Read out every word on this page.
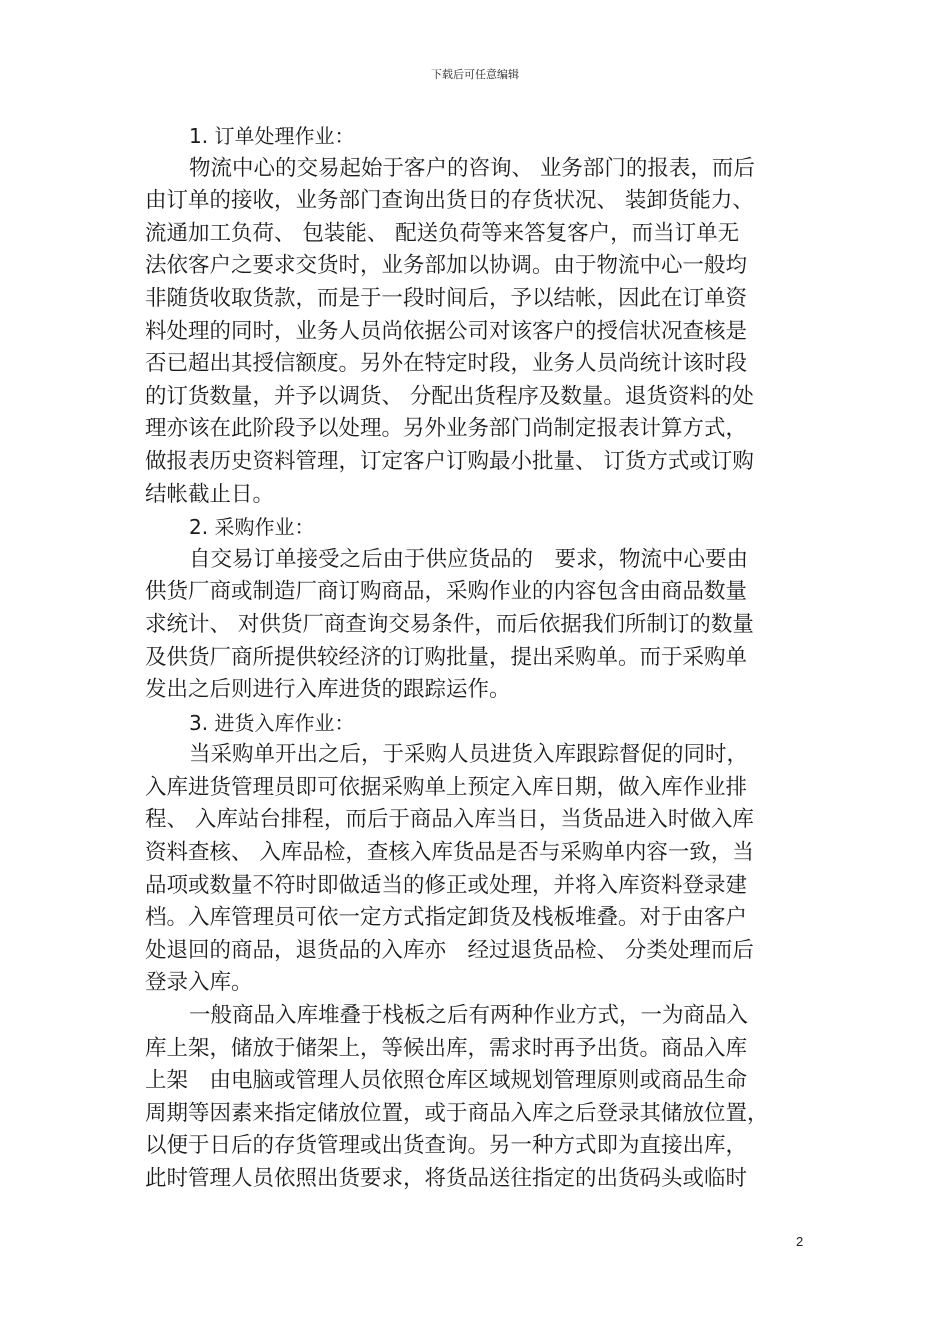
下载后可任意编辑
1. 订单处理作业：
物流中心的交易起始于客户的咨询、 业务部门的报表，而后
由订单的接收，业务部门查询出货日的存货状况、 装卸货能力、
流通加工负荷、 包装能、 配送负荷等来答复客户，而当订单无
法依客户之要求交货时，业务部加以协调。由于物流中心一般均
非随货收取货款，而是于一段时间后，予以结帐，因此在订单资
料处理的同时，业务人员尚依据公司对该客户的授信状况查核是
否已超出其授信额度。另外在特定时段，业务人员尚统计该时段
的订货数量，并予以调货、 分配出货程序及数量。退货资料的处
理亦该在此阶段予以处理。另外业务部门尚制定报表计算方式，
做报表历史资料管理，订定客户订购最小批量、 订货方式或订购
结帐截止日。
2. 采购作业：
自交易订单接受之后由于供应货品的　要求，物流中心要由
供货厂商或制造厂商订购商品，采购作业的内容包含由商品数量
求统计、 对供货厂商查询交易条件，而后依据我们所制订的数量
及供货厂商所提供较经济的订购批量，提出采购单。而于采购单
发出之后则进行入库进货的跟踪运作。
3. 进货入库作业：
当采购单开出之后，于采购人员进货入库跟踪督促的同时，
入库进货管理员即可依据采购单上预定入库日期，做入库作业排
程、 入库站台排程，而后于商品入库当日，当货品进入时做入库
资料查核、 入库品检，查核入库货品是否与采购单内容一致，当
品项或数量不符时即做适当的修正或处理，并将入库资料登录建
档。入库管理员可依一定方式指定卸货及栈板堆叠。对于由客户
处退回的商品，退货品的入库亦　经过退货品检、 分类处理而后
登录入库。
一般商品入库堆叠于栈板之后有两种作业方式，一为商品入
库上架，储放于储架上，等候出库，需求时再予出货。商品入库
上架　由电脑或管理人员依照仓库区域规划管理原则或商品生命
周期等因素来指定储放位置，或于商品入库之后登录其储放位置，
以便于日后的存货管理或出货查询。另一种方式即为直接出库，
此时管理人员依照出货要求，将货品送往指定的出货码头或临时
2
